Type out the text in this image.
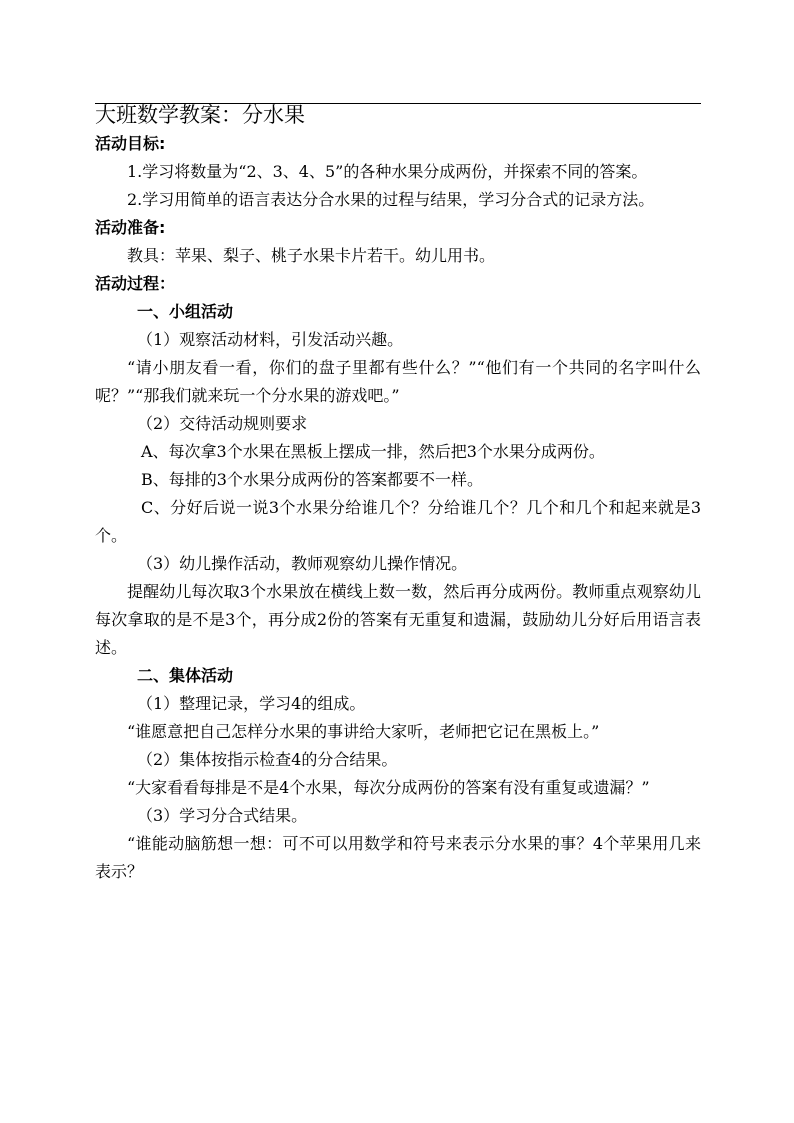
大班数学教案：分水果

活动目标:

1.学习将数量为“2、3、4、5”的各种水果分成两份，并探索不同的答案。

2.学习用简单的语言表达分合水果的过程与结果，学习分合式的记录方法。

活动准备:

教具：苹果、梨子、桃子水果卡片若干。幼儿用书。

活动过程：

一、小组活动

（1）观察活动材料，引发活动兴趣。

“请小朋友看一看，你们的盘子里都有些什么？”“他们有一个共同的名字叫什么呢？”“那我们就来玩一个分水果的游戏吧。”

（2）交待活动规则要求

A、每次拿3个水果在黑板上摆成一排，然后把3个水果分成两份。

B、每排的3个水果分成两份的答案都要不一样。

C、分好后说一说3个水果分给谁几个？分给谁几个？几个和几个和起来就是3个。

（3）幼儿操作活动，教师观察幼儿操作情况。

提醒幼儿每次取3个水果放在横线上数一数，然后再分成两份。教师重点观察幼儿每次拿取的是不是3个，再分成2份的答案有无重复和遗漏，鼓励幼儿分好后用语言表述。

二、集体活动

（1）整理记录，学习4的组成。

“谁愿意把自己怎样分水果的事讲给大家听，老师把它记在黑板上。”

（2）集体按指示检查4的分合结果。

“大家看看每排是不是4个水果，每次分成两份的答案有没有重复或遗漏？”

（3）学习分合式结果。

“谁能动脑筋想一想：可不可以用数学和符号来表示分水果的事？4个苹果用几来表示？
